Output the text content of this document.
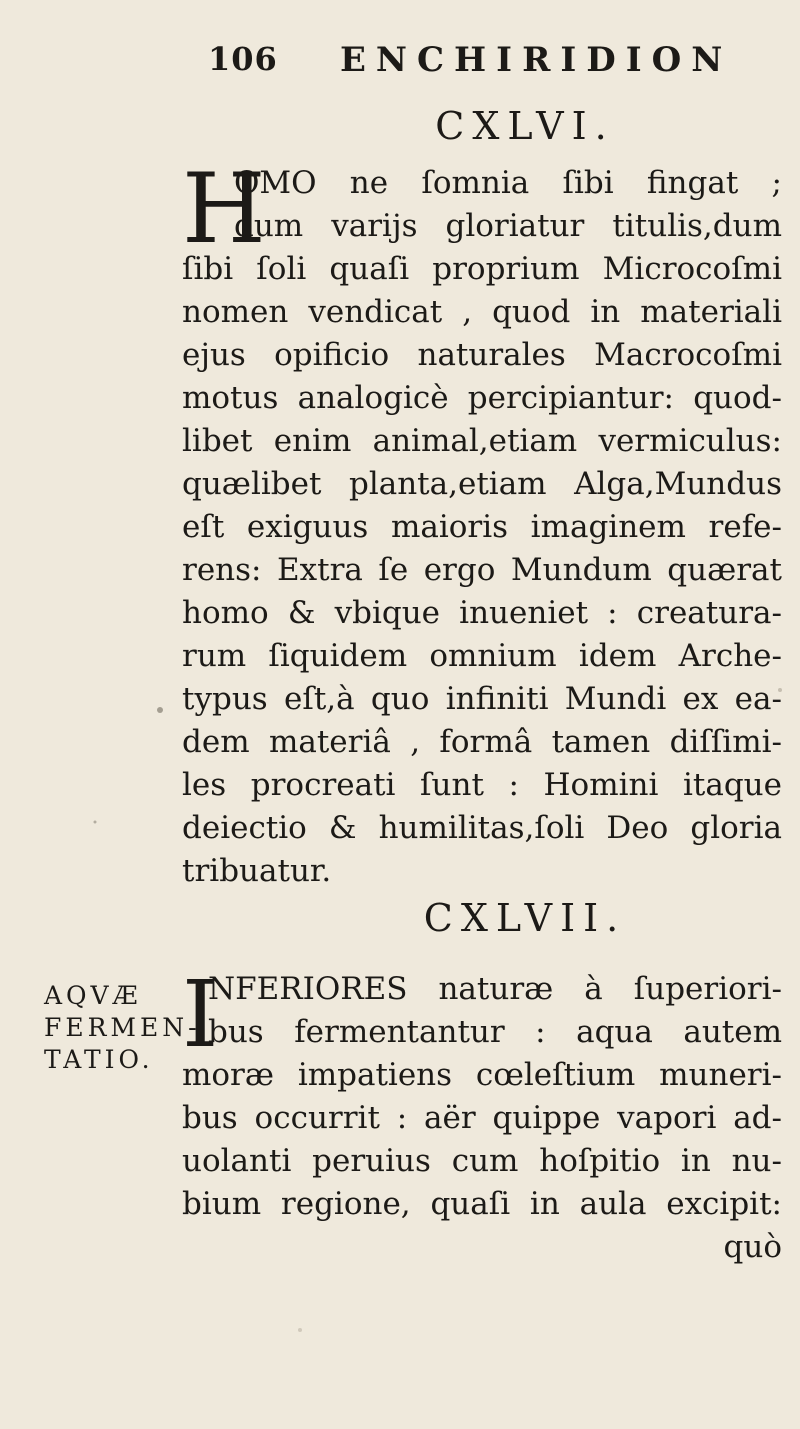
106 ENCHIRIDION
CXLVI.
H
OMO ne ſomnia ſibi fingat ;
dum varijs gloriatur titulis,dum
ſibi ſoli quaſi proprium Microcoſmi
nomen vendicat , quod in materiali
ejus opificio naturales Macrocoſmi
motus analogicè percipiantur: quod-
libet enim animal,etiam vermiculus:
quælibet planta,etiam Alga,Mundus
eſt exiguus maioris imaginem refe-
rens: Extra ſe ergo Mundum quærat
homo & vbique inueniet : creatura-
rum ſiquidem omnium idem Arche-
typus eſt,à quo infiniti Mundi ex ea-
dem materiâ , formâ tamen diſſimi-
les procreati ſunt : Homini itaque
deiectio & humilitas,ſoli Deo gloria
tribuatur.
CXLVII.
AQVÆ
FERMEN-
TATIO. I
NFERIORES naturæ à ſuperiori-
bus fermentantur : aqua autem
moræ impatiens cœleſtium muneri-
bus occurrit : aër quippe vapori ad-
uolanti peruius cum hoſpitio in nu-
bium regione, quaſi in aula excipit:
quò
